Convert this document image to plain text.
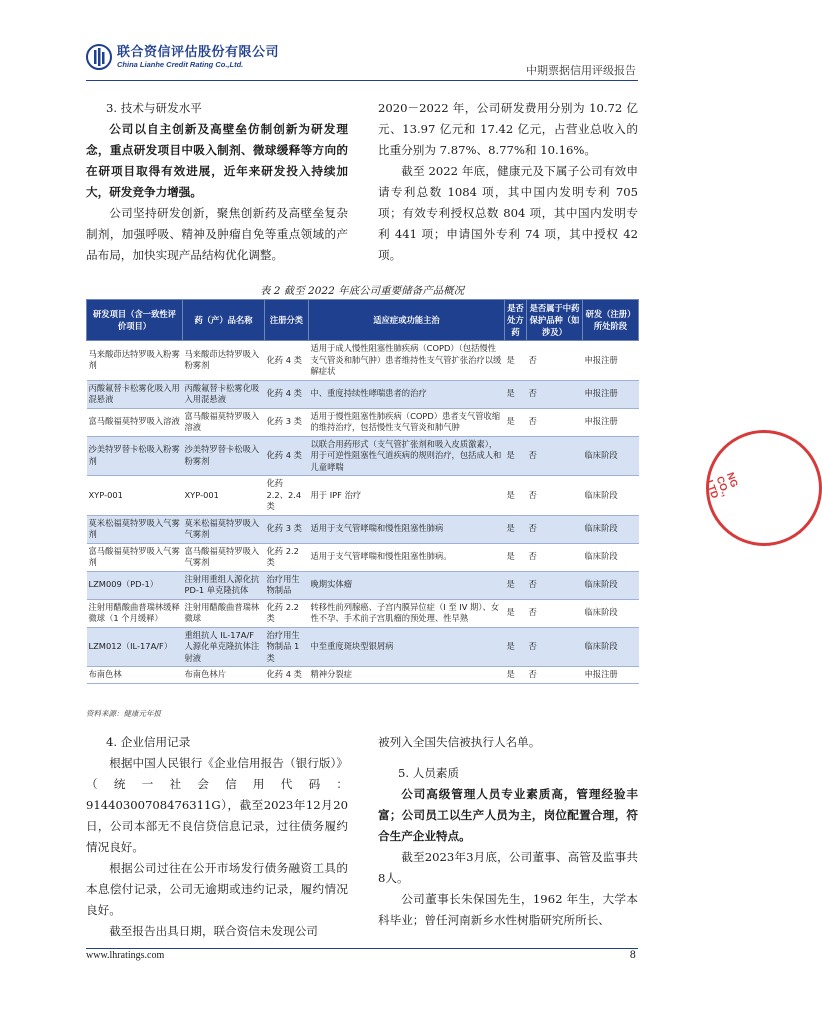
联合资信评估股份有限公司
China Lianhe Credit Rating Co.,Ltd.	中期票据信用评级报告

3. 技术与研发水平

公司以自主创新及高壁垒仿制创新为研发理念，重点研发项目中吸入制剂、微球缓释等方向的在研项目取得有效进展，近年来研发投入持续加大，研发竞争力增强。

公司坚持研发创新，聚焦创新药及高壁垒复杂制剂，加强呼吸、精神及肿瘤自免等重点领域的产品布局，加快实现产品结构优化调整。

2020－2022 年，公司研发费用分别为 10.72 亿元、13.97 亿元和 17.42 亿元，占营业总收入的比重分别为 7.87%、8.77%和 10.16%。

截至 2022 年底，健康元及下属子公司有效申请专利总数 1084 项，其中国内发明专利 705 项；有效专利授权总数 804 项，其中国内发明专利 441 项；申请国外专利 74 项，其中授权 42 项。

表 2 截至 2022 年底公司重要储备产品概况
研发项目（含一致性评价项目）	药（产）品名称	注册分类	适应症或功能主治	是否处方药	是否属于中药保护品种（如涉及）	研发（注册）所处阶段
马来酸茚达特罗吸入粉雾剂	马来酸茚达特罗吸入粉雾剂	化药 4 类	适用于成人慢性阻塞性肺疾病（COPD）（包括慢性支气管炎和肺气肿）患者维持性支气管扩张治疗以缓解症状	是	否	申报注册
丙酸氟替卡松雾化吸入用混悬液	丙酸氟替卡松雾化吸入用混悬液	化药 4 类	中、重度持续性哮喘患者的治疗	是	否	申报注册
富马酸福莫特罗吸入溶液	富马酸福莫特罗吸入溶液	化药 3 类	适用于慢性阻塞性肺疾病（COPD）患者支气管收缩的维持治疗，包括慢性支气管炎和肺气肿	是	否	申报注册
沙美特罗替卡松吸入粉雾剂	沙美特罗替卡松吸入粉雾剂	化药 4 类	以联合用药形式（支气管扩张剂和吸入皮质激素），用于可逆性阻塞性气道疾病的规则治疗，包括成人和儿童哮喘	是	否	临床阶段
XYP-001	XYP-001	化药 2.2、2.4 类	用于 IPF 治疗	是	否	临床阶段
莫米松福莫特罗吸入气雾剂	莫米松福莫特罗吸入气雾剂	化药 3 类	适用于支气管哮喘和慢性阻塞性肺病	是	否	临床阶段
富马酸福莫特罗吸入气雾剂	富马酸福莫特罗吸入气雾剂	化药 2.2 类	适用于支气管哮喘和慢性阻塞性肺病。	是	否	临床阶段
LZM009（PD-1）	注射用重组人源化抗 PD-1 单克隆抗体	治疗用生物制品	晚期实体瘤	是	否	临床阶段
注射用醋酸曲普瑞林缓释微球（1 个月缓释）	注射用醋酸曲普瑞林微球	化药 2.2 类	转移性前列腺癌、子宫内膜异位症（I 至 IV 期）、女性不孕、手术前子宫肌瘤的预处理、性早熟	是	否	临床阶段
LZM012（IL-17A/F）	重组抗人 IL-17A/F 人源化单克隆抗体注射液	治疗用生物制品 1 类	中至重度斑块型银屑病	是	否	临床阶段
布南色林	布南色林片	化药 4 类	精神分裂症	是	否	申报注册
资料来源：健康元年报

4. 企业信用记录

根据中国人民银行《企业信用报告（银行版）》（统一社会信用代码：91440300708476311G），截至2023年12月20日，公司本部无不良信贷信息记录，过往债务履约情况良好。

根据公司过往在公开市场发行债务融资工具的本息偿付记录，公司无逾期或违约记录，履约情况良好。

截至报告出具日期，联合资信未发现公司

被列入全国失信被执行人名单。

5. 人员素质

公司高级管理人员专业素质高，管理经验丰富；公司员工以生产人员为主，岗位配置合理，符合生产企业特点。

截至2023年3月底，公司董事、高管及监事共8人。

公司董事长朱保国先生，1962 年生，大学本科毕业；曾任河南新乡水性树脂研究所所长、

NG CO., LTD
www.lhratings.com	8
